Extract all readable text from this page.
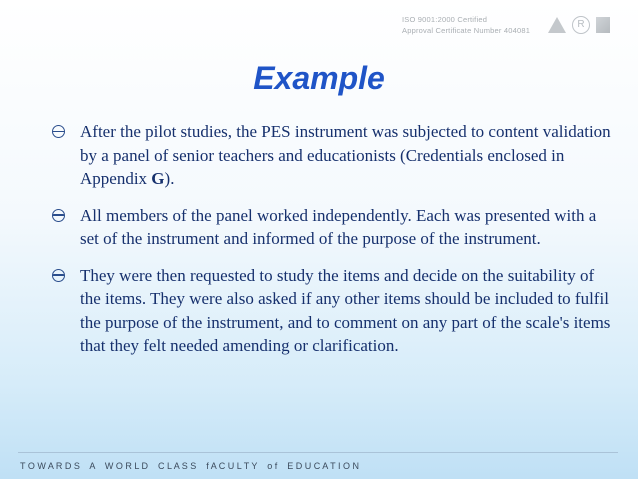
ISO 9001:2000 Certified
Approval Certificate Number 404081
R
Example
After the pilot studies, the PES instrument was subjected to content validation by a panel of senior teachers and educationists (Credentials enclosed in Appendix G).
All members of the panel worked independently. Each was presented with a set of the instrument and informed of the purpose of the instrument.
They were then requested to study the items and decide on the suitability of the items. They were also asked if any other items should be included to fulfil the purpose of the instrument, and to comment on any part of the scale's items that they felt needed amending or clarification.
T O W A R D S    A    W O R L D    C L A S S    f A C U L T Y    o f    E D U C A T I O N
